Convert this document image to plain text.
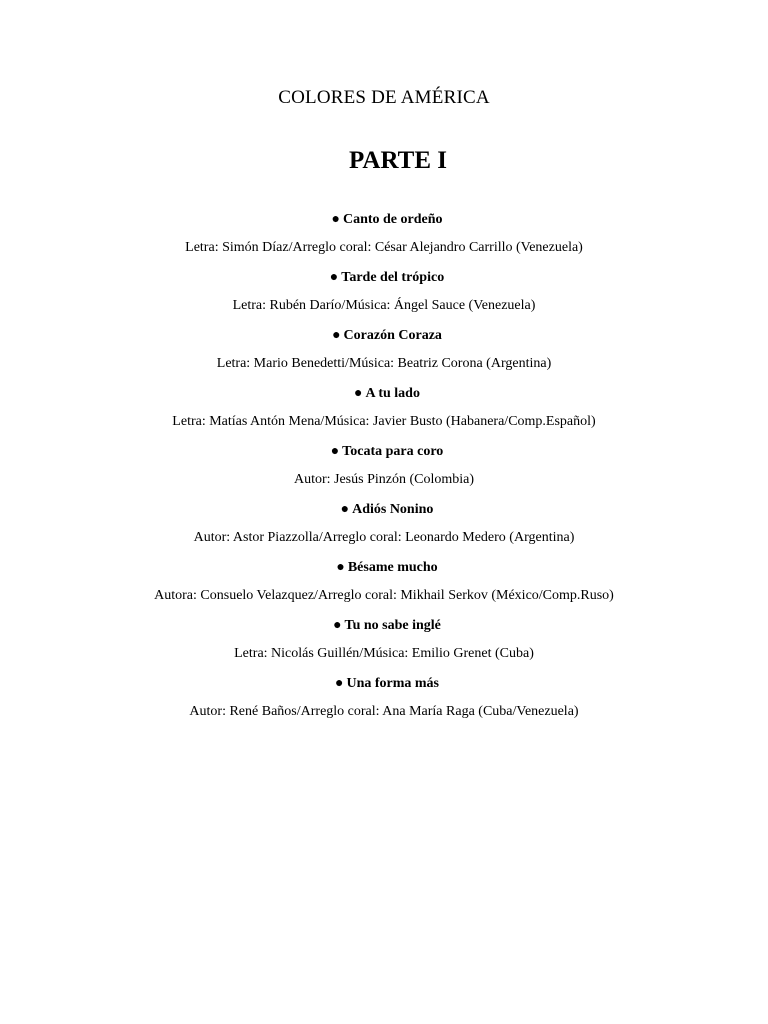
COLORES DE AMÉRICA
PARTE I
● Canto de ordeño
Letra: Simón Díaz/Arreglo coral: César Alejandro Carrillo (Venezuela)
● Tarde del trópico
Letra: Rubén Darío/Música: Ángel Sauce (Venezuela)
● Corazón Coraza
Letra: Mario Benedetti/Música: Beatriz Corona (Argentina)
● A tu lado
Letra: Matías Antón Mena/Música: Javier Busto (Habanera/Comp.Español)
● Tocata para coro
Autor: Jesús Pinzón (Colombia)
● Adiós Nonino
Autor: Astor Piazzolla/Arreglo coral: Leonardo Medero (Argentina)
● Bésame mucho
Autora: Consuelo Velazquez/Arreglo coral: Mikhail Serkov (México/Comp.Ruso)
● Tu no sabe inglé
Letra: Nicolás Guillén/Música: Emilio Grenet (Cuba)
● Una forma más
Autor: René Baños/Arreglo coral: Ana María Raga (Cuba/Venezuela)
